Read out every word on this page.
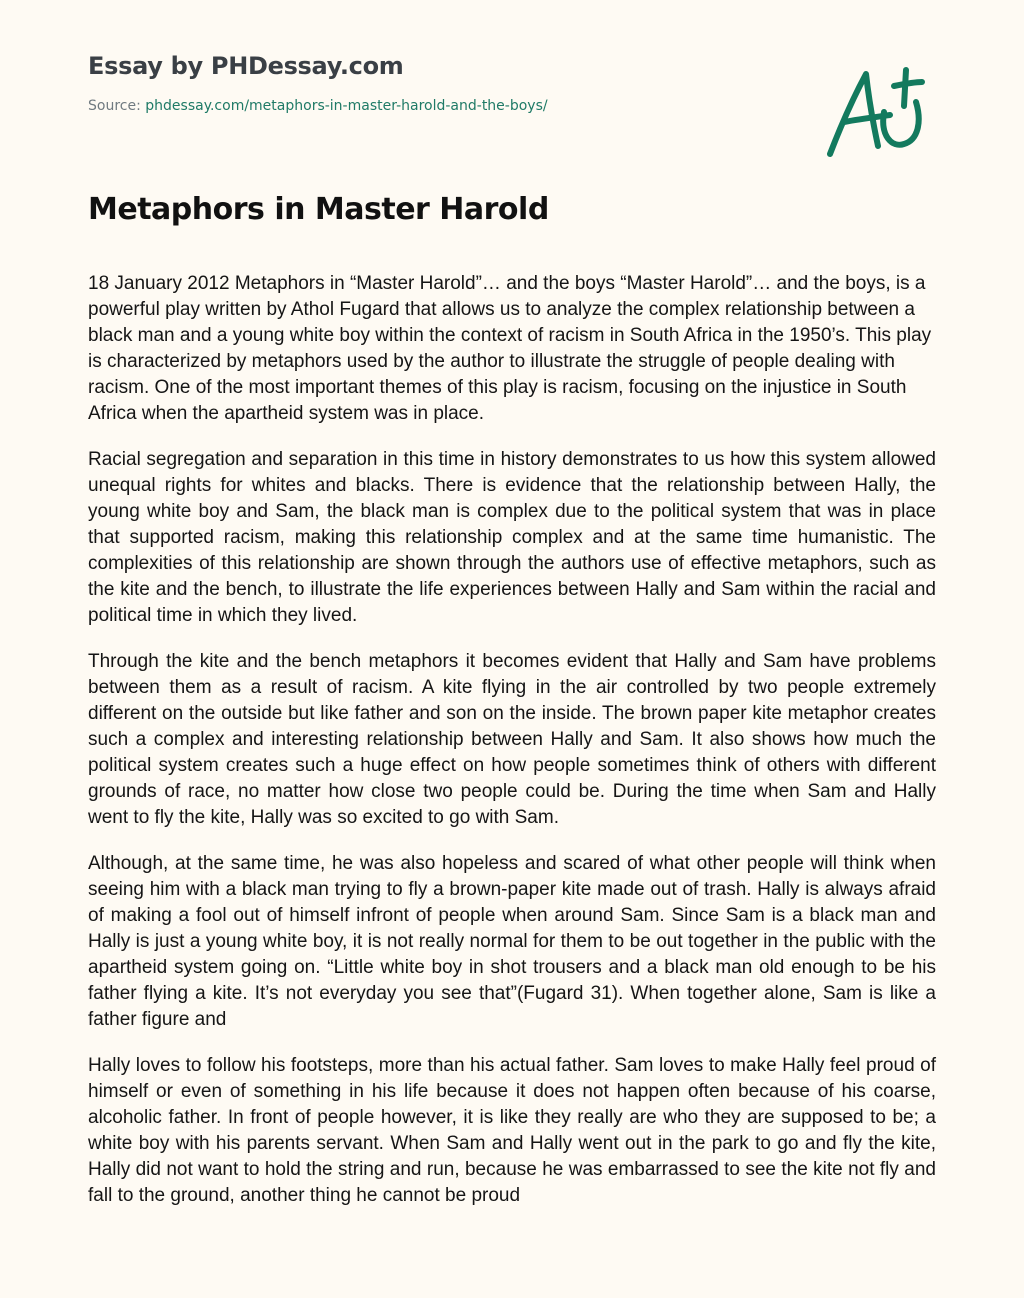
Essay by PHDessay.com
Source: phdessay.com/metaphors-in-master-harold-and-the-boys/
Metaphors in Master Harold

18 January 2012 Metaphors in “Master Harold”… and the boys “Master Harold”… and the boys, is a powerful play written by Athol Fugard that allows us to analyze the complex relationship between a black man and a young white boy within the context of racism in South Africa in the 1950’s. This play is characterized by metaphors used by the author to illustrate the struggle of people dealing with racism. One of the most important themes of this play is racism, focusing on the injustice in South Africa when the apartheid system was in place.

Racial segregation and separation in this time in history demonstrates to us how this system allowed unequal rights for whites and blacks. There is evidence that the relationship between Hally, the young white boy and Sam, the black man is complex due to the political system that was in place that supported racism, making this relationship complex and at the same time humanistic. The complexities of this relationship are shown through the authors use of effective metaphors, such as the kite and the bench, to illustrate the life experiences between Hally and Sam within the racial and political time in which they lived.

Through the kite and the bench metaphors it becomes evident that Hally and Sam have problems between them as a result of racism. A kite flying in the air controlled by two people extremely different on the outside but like father and son on the inside. The brown paper kite metaphor creates such a complex and interesting relationship between Hally and Sam. It also shows how much the political system creates such a huge effect on how people sometimes think of others with different grounds of race, no matter how close two people could be. During the time when Sam and Hally went to fly the kite, Hally was so excited to go with Sam.

Although, at the same time, he was also hopeless and scared of what other people will think when seeing him with a black man trying to fly a brown-paper kite made out of trash. Hally is always afraid of making a fool out of himself infront of people when around Sam. Since Sam is a black man and Hally is just a young white boy, it is not really normal for them to be out together in the public with the apartheid system going on. “Little white boy in shot trousers and a black man old enough to be his father flying a kite. It’s not everyday you see that”(Fugard 31). When together alone, Sam is like a father figure and

Hally loves to follow his footsteps, more than his actual father. Sam loves to make Hally feel proud of himself or even of something in his life because it does not happen often because of his coarse, alcoholic father. In front of people however, it is like they really are who they are supposed to be; a white boy with his parents servant. When Sam and Hally went out in the park to go and fly the kite, Hally did not want to hold the string and run, because he was embarrassed to see the kite not fly and fall to the ground, another thing he cannot be proud
